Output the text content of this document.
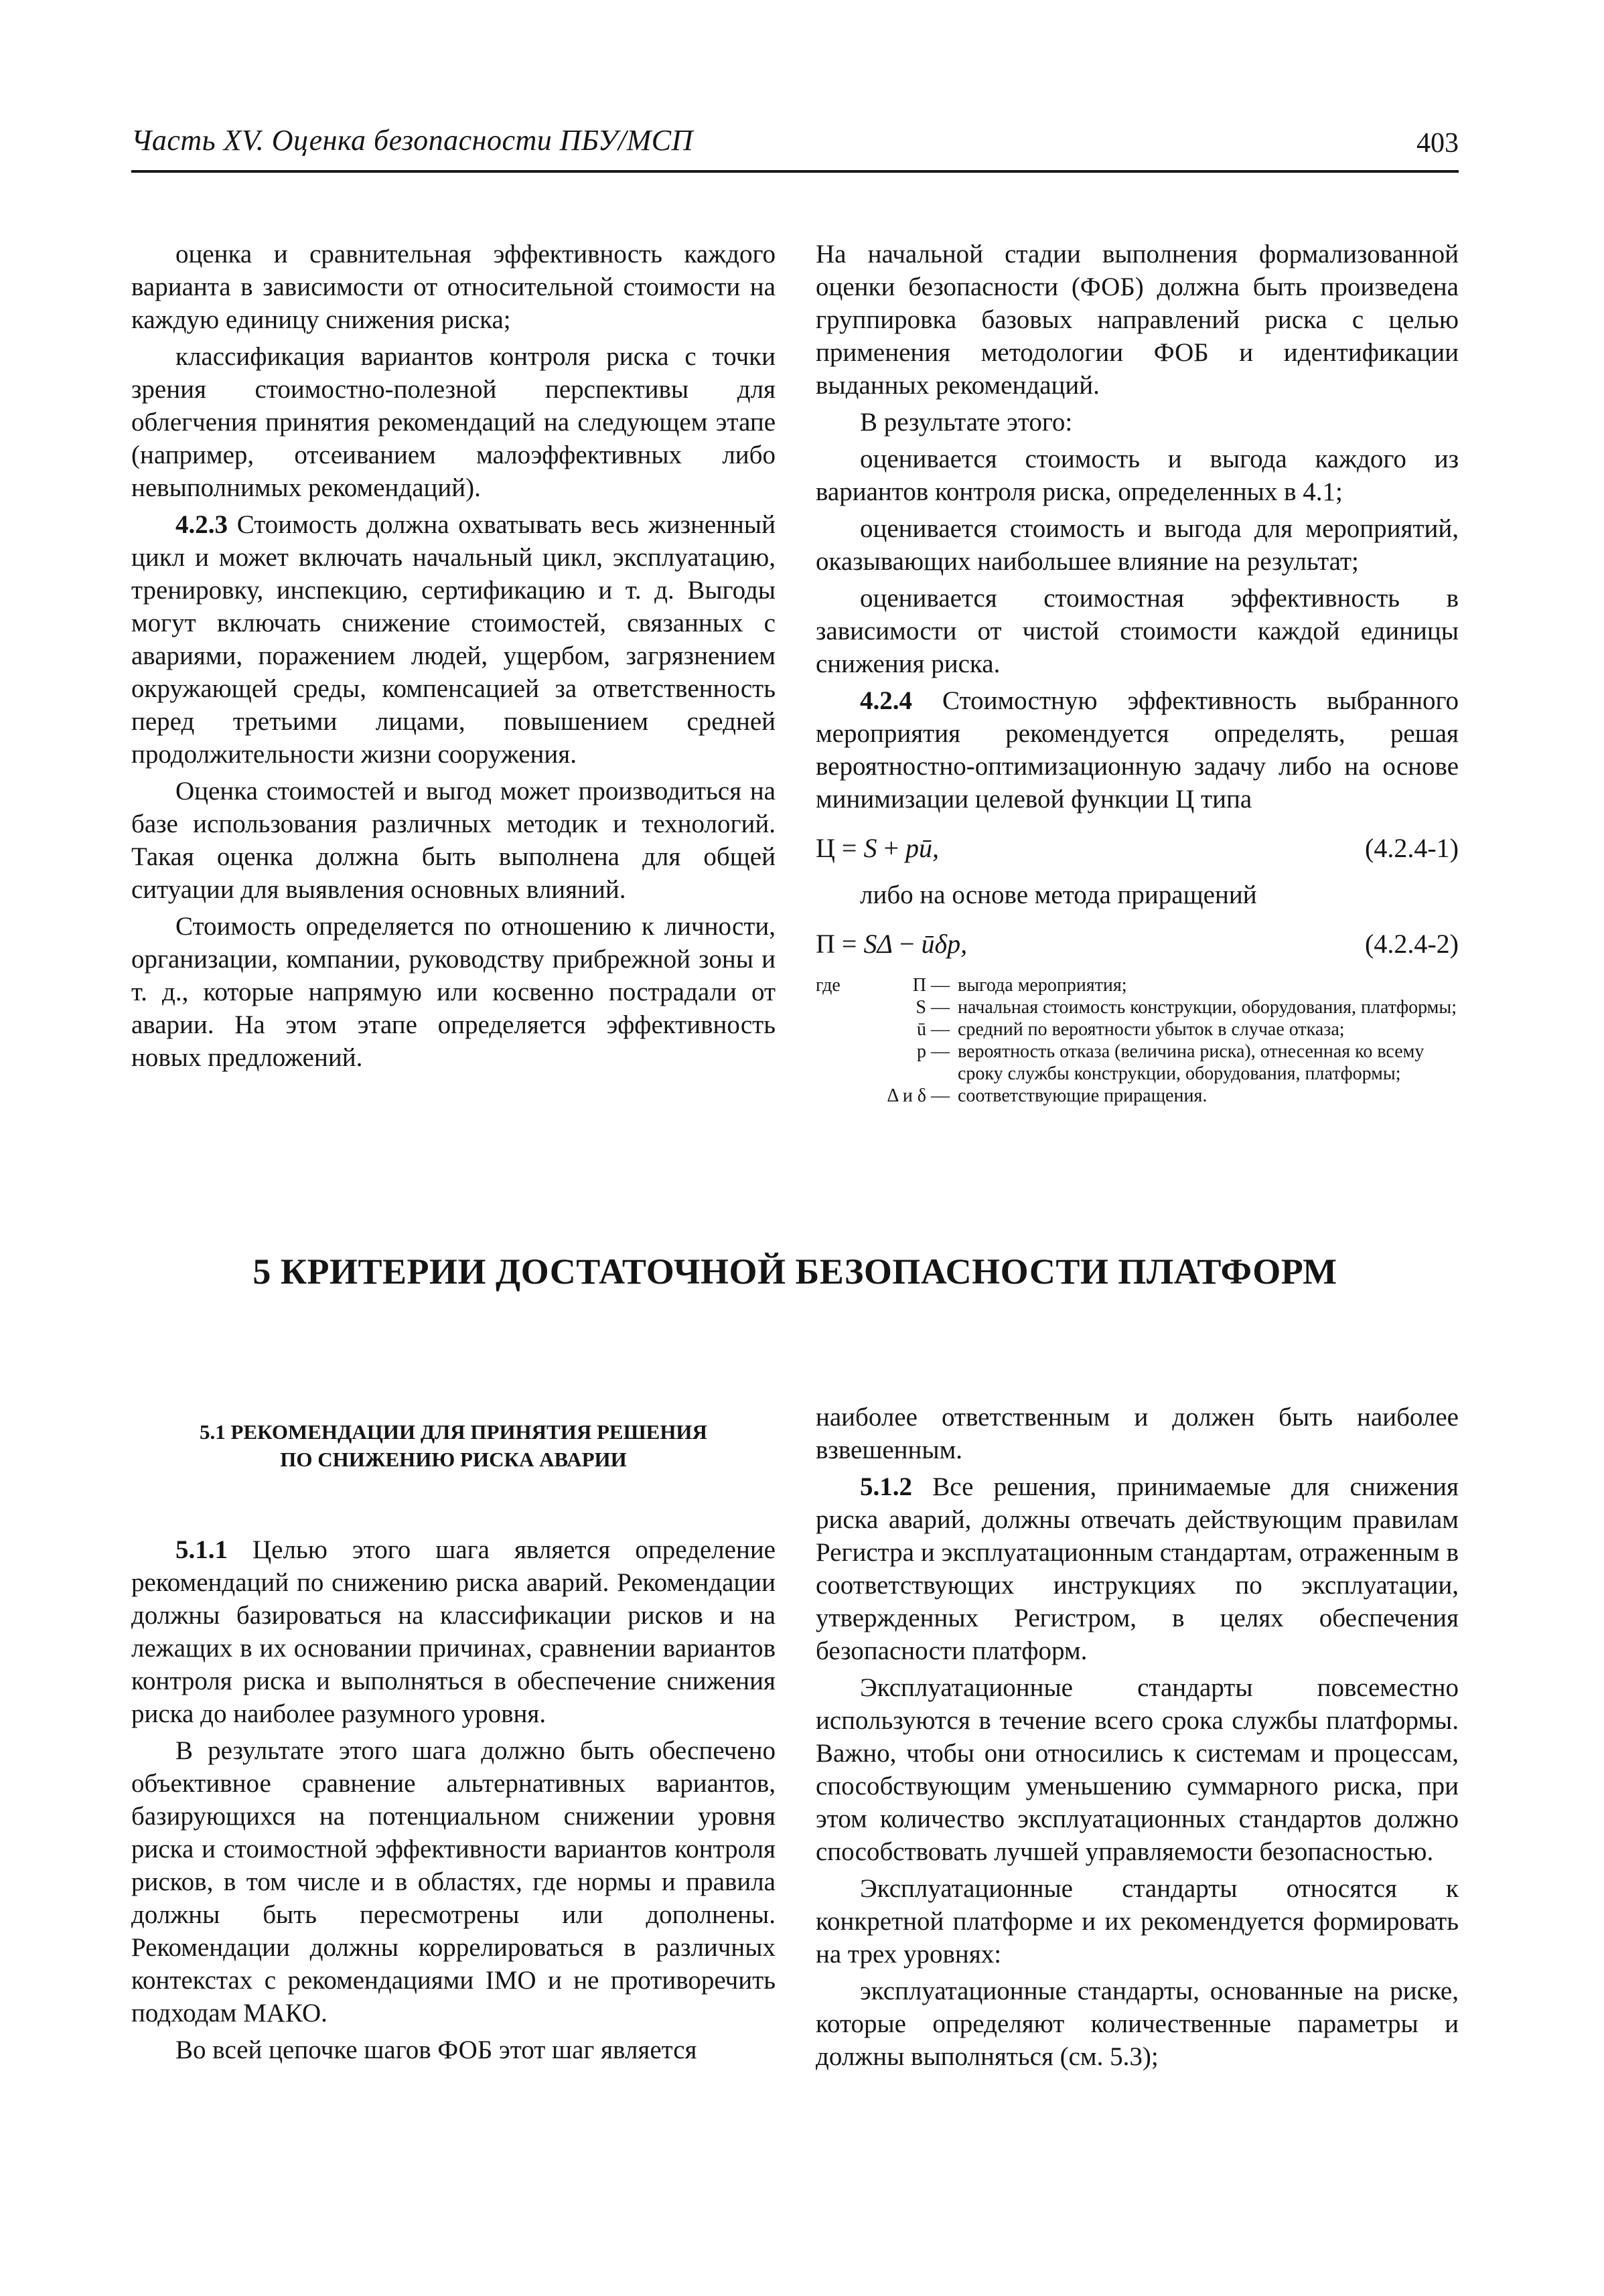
Часть XV. Оценка безопасности ПБУ/МСП	403

оценка и сравнительная эффективность каждого варианта в зависимости от относительной стоимости на каждую единицу снижения риска;

классификация вариантов контроля риска с точки зрения стоимостно-полезной перспективы для облегчения принятия рекомендаций на следующем этапе (например, отсеиванием малоэффективных либо невыполнимых рекомендаций).

4.2.3 Стоимость должна охватывать весь жизненный цикл и может включать начальный цикл, эксплуатацию, тренировку, инспекцию, сертификацию и т. д. Выгоды могут включать снижение стоимостей, связанных с авариями, поражением людей, ущербом, загрязнением окружающей среды, компенсацией за ответственность перед третьими лицами, повышением средней продолжительности жизни сооружения.

Оценка стоимостей и выгод может производиться на базе использования различных методик и технологий. Такая оценка должна быть выполнена для общей ситуации для выявления основных влияний.

Стоимость определяется по отношению к личности, организации, компании, руководству прибрежной зоны и т. д., которые напрямую или косвенно пострадали от аварии. На этом этапе определяется эффективность новых предложений.

На начальной стадии выполнения формализованной оценки безопасности (ФОБ) должна быть произведена группировка базовых направлений риска с целью применения методологии ФОБ и идентификации выданных рекомендаций.

В результате этого:

оценивается стоимость и выгода каждого из вариантов контроля риска, определенных в 4.1;

оценивается стоимость и выгода для мероприятий, оказывающих наибольшее влияние на результат;

оценивается стоимостная эффективность в зависимости от чистой стоимости каждой единицы снижения риска.

4.2.4 Стоимостную эффективность выбранного мероприятия рекомендуется определять, решая вероятностно-оптимизационную задачу либо на основе минимизации целевой функции Ц типа

Ц = S + pū,	(4.2.4-1)

либо на основе метода приращений

П = SΔ − ūδp,	(4.2.4-2)
где	П — выгода мероприятия;
S — начальная стоимость конструкции, оборудования, платформы;
ū — средний по вероятности убыток в случае отказа;
p — вероятность отказа (величина риска), отнесенная ко всему сроку службы конструкции, оборудования, платформы;
Δ и δ — соответствующие приращения.
5 КРИТЕРИИ ДОСТАТОЧНОЙ БЕЗОПАСНОСТИ ПЛАТФОРМ
5.1 РЕКОМЕНДАЦИИ ДЛЯ ПРИНЯТИЯ РЕШЕНИЯ
ПО СНИЖЕНИЮ РИСКА АВАРИИ

5.1.1 Целью этого шага является определение рекомендаций по снижению риска аварий. Рекомендации должны базироваться на классификации рисков и на лежащих в их основании причинах, сравнении вариантов контроля риска и выполняться в обеспечение снижения риска до наиболее разумного уровня.

В результате этого шага должно быть обеспечено объективное сравнение альтернативных вариантов, базирующихся на потенциальном снижении уровня риска и стоимостной эффективности вариантов контроля рисков, в том числе и в областях, где нормы и правила должны быть пересмотрены или дополнены. Рекомендации должны коррелироваться в различных контекстах с рекомендациями IMO и не противоречить подходам МАКО.

Во всей цепочке шагов ФОБ этот шаг является

наиболее ответственным и должен быть наиболее взвешенным.

5.1.2 Все решения, принимаемые для снижения риска аварий, должны отвечать действующим правилам Регистра и эксплуатационным стандартам, отраженным в соответствующих инструкциях по эксплуатации, утвержденных Регистром, в целях обеспечения безопасности платформ.

Эксплуатационные стандарты повсеместно используются в течение всего срока службы платформы. Важно, чтобы они относились к системам и процессам, способствующим уменьшению суммарного риска, при этом количество эксплуатационных стандартов должно способствовать лучшей управляемости безопасностью.

Эксплуатационные стандарты относятся к конкретной платформе и их рекомендуется формировать на трех уровнях:

эксплуатационные стандарты, основанные на риске, которые определяют количественные параметры и должны выполняться (см. 5.3);
